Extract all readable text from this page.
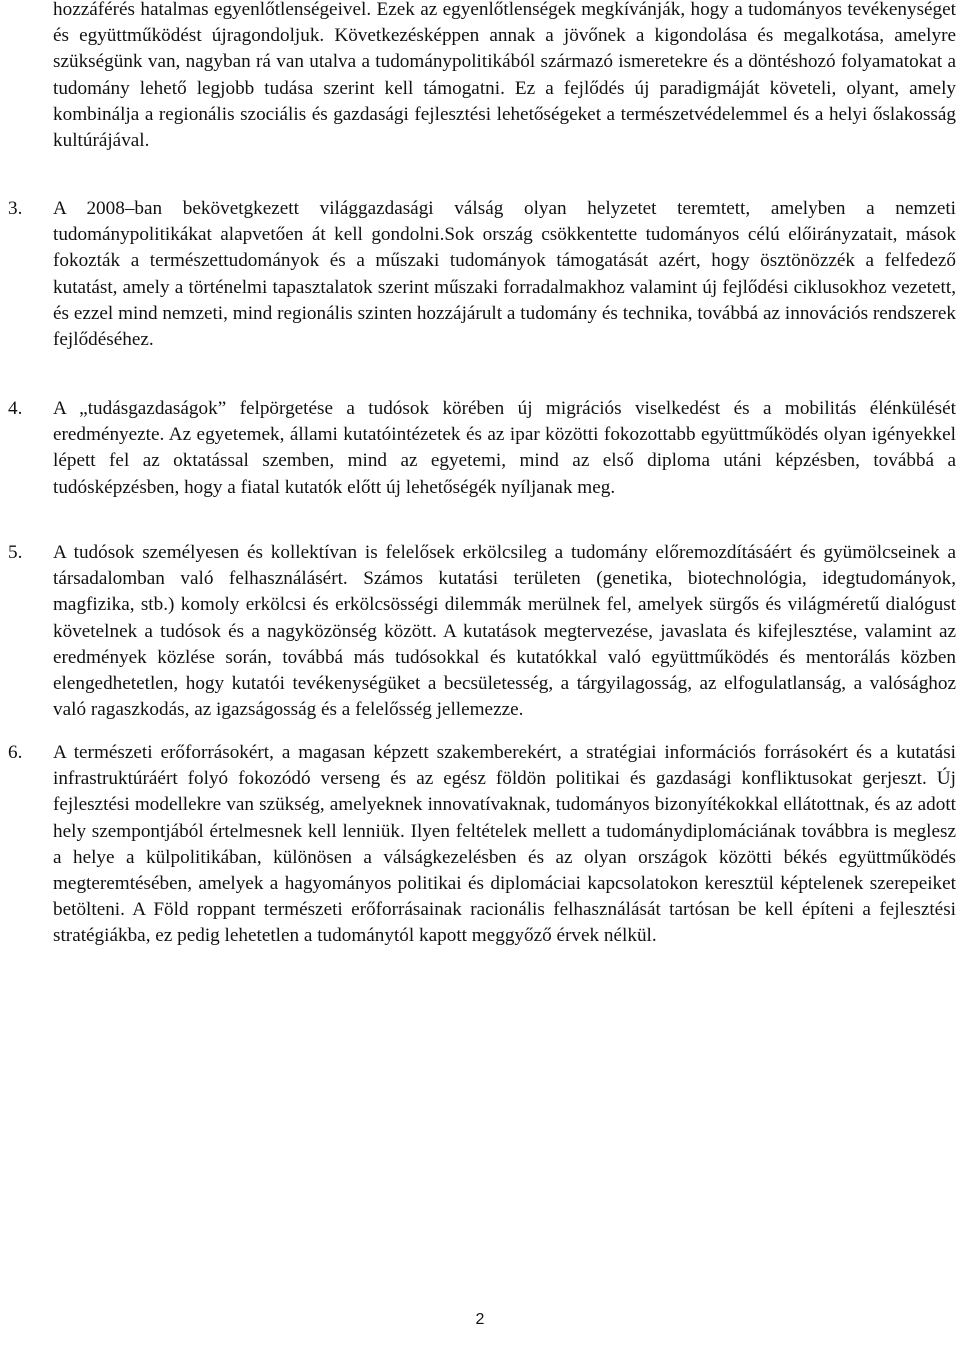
hozzáférés hatalmas egyenlőtlenségeivel. Ezek az egyenlőtlenségek megkívánják, hogy a tudományos tevékenységet és együttműködést újragondoljuk. Következésképpen annak a jövőnek a kigondolása és megalkotása, amelyre szükségünk van, nagyban rá van utalva a tudománypolitikából származó ismeretekre és a döntéshozó folyamatokat a tudomány lehető legjobb tudása szerint kell támogatni. Ez a fejlődés új paradigmáját követeli, olyant, amely kombinálja a regionális szociális és gazdasági fejlesztési lehetőségeket a természetvédelemmel és a helyi őslakosság kultúrájával.

3. A 2008–ban bekövetgkezett világgazdasági válság olyan helyzetet teremtett, amelyben a nemzeti tudománypolitikákat alapvetően át kell gondolni.Sok ország csökkentette tudományos célú előirányzatait, mások fokozták a természettudományok és a műszaki tudományok támogatását azért, hogy ösztönözzék a felfedező kutatást, amely a történelmi tapasztalatok szerint műszaki forradalmakhoz valamint új fejlődési ciklusokhoz vezetett, és ezzel mind nemzeti, mind regionális szinten hozzájárult a tudomány és technika, továbbá az innovációs rendszerek fejlődéséhez.

4. A „tudásgazdaságok” felpörgetése a tudósok körében új migrációs viselkedést és a mobilitás élénkülését eredményezte. Az egyetemek, állami kutatóintézetek és az ipar közötti fokozottabb együttműködés olyan igényekkel lépett fel az oktatással szemben, mind az egyetemi, mind az első diploma utáni képzésben, továbbá a tudósképzésben, hogy a fiatal kutatók előtt új lehetőségék nyíljanak meg.

5. A tudósok személyesen és kollektívan is felelősek erkölcsileg a tudomány előremozdításáért és gyümölcseinek a társadalomban való felhasználásért. Számos kutatási területen (genetika, biotechnológia, idegtudományok, magfizika, stb.) komoly erkölcsi és erkölcsösségi dilemmák merülnek fel, amelyek sürgős és világméretű dialógust követelnek a tudósok és a nagyközönség között. A kutatások megtervezése, javaslata és kifejlesztése, valamint az eredmények közlése során, továbbá más tudósokkal és kutatókkal való együttműködés és mentorálás közben elengedhetetlen, hogy kutatói tevékenységüket a becsületesség, a tárgyilagosság, az elfogulatlanság, a valósághoz való ragaszkodás, az igazságosság és a felelősség jellemezze.

6. A természeti erőforrásokért, a magasan képzett szakemberekért, a stratégiai információs forrásokért és a kutatási infrastruktúráért folyó fokozódó verseng és az egész földön politikai és gazdasági konfliktusokat gerjeszt. Új fejlesztési modellekre van szükség, amelyeknek innovatívaknak, tudományos bizonyítékokkal ellátottnak, és az adott hely szempontjából értelmesnek kell lenniük. Ilyen feltételek mellett a tudománydiplomáciának továbbra is meglesz a helye a külpolitikában, különösen a válságkezelésben és az olyan országok közötti békés együttműködés megteremtésében, amelyek a hagyományos politikai és diplomáciai kapcsolatokon keresztül képtelenek szerepeiket betölteni. A Föld roppant természeti erőforrásainak racionális felhasználását tartósan be kell építeni a fejlesztési stratégiákba, ez pedig lehetetlen a tudománytól kapott meggyőző érvek nélkül.

2
